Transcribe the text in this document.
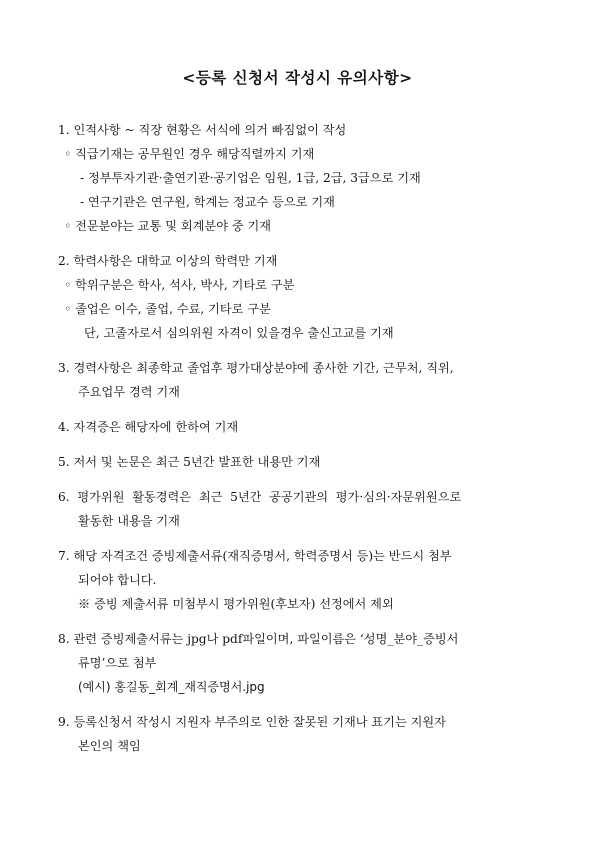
<등록 신청서 작성시 유의사항>
1. 인적사항 ~ 직장 현황은 서식에 의거 빠짐없이 작성
◦ 직급기재는 공무원인 경우 해당직렬까지 기재
- 정부투자기관·출연기관·공기업은 임원, 1급, 2급, 3급으로 기재
- 연구기관은 연구원, 학계는 정교수 등으로 기재
◦ 전문분야는 교통 및 회계분야 중 기재
2. 학력사항은 대학교 이상의 학력만 기재
◦ 학위구분은 학사, 석사, 박사, 기타로 구분
◦ 졸업은 이수, 졸업, 수료, 기타로 구분
단, 고졸자로서 심의위원 자격이 있을경우 출신고교를 기재
3. 경력사항은 최종학교 졸업후 평가대상분야에 종사한 기간, 근무처, 직위,
주요업무 경력 기재
4. 자격증은 해당자에 한하여 기재
5. 저서 및 논문은 최근 5년간 발표한 내용만 기재
6.  평가위원  활동경력은  최근  5년간  공공기관의  평가·심의·자문위원으로
활동한 내용을 기재
7. 해당 자격조건 증빙제출서류(재직증명서, 학력증명서 등)는 반드시 첨부
되어야 합니다.
※ 증빙 제출서류 미첨부시 평가위원(후보자) 선정에서 제외
8. 관련 증빙제출서류는 jpg나 pdf파일이며, 파일이름은 ‘성명_분야_증빙서
류명’으로 첨부
(예시) 홍길동_회계_재직증명서.jpg
9. 등록신청서 작성시 지원자 부주의로 인한 잘못된 기재나 표기는 지원자
본인의 책임
